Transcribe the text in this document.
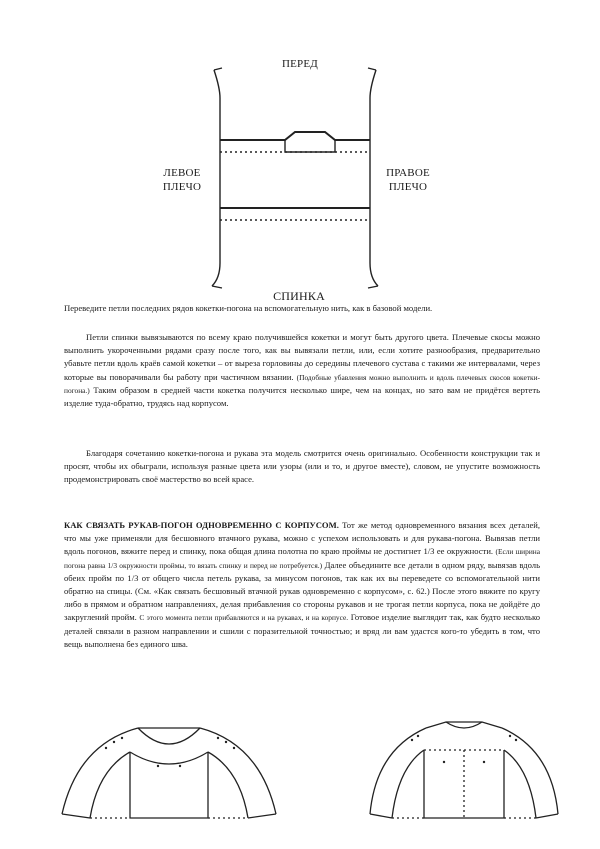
ПЕРЕД
ЛЕВОЕ
ПЛЕЧО
ПРАВОЕ
ПЛЕЧО
СПИНКА

Переведите петли последних рядов кокетки-погона на вспомогательную нить, как в базовой модели.

Петли спинки вывязываются по всему краю получившейся кокетки и могут быть другого цвета. Плечевые скосы можно выполнить укороченными рядами сразу после того, как вы вывязали петли, или, если хотите разнообразия, предварительно убавьте петли вдоль краёв самой кокетки – от выреза горловины до середины плечевого сустава с такими же интервалами, через которые вы поворачивали бы работу при частичном вязании. (Подобные убавления можно выполнить и вдоль плечевых скосов кокетки-погона.) Таким образом в средней части кокетка получится несколько шире, чем на концах, но зато вам не придётся вертеть изделие туда-обратно, трудясь над корпусом.

Благодаря сочетанию кокетки-погона и рукава эта модель смотрится очень оригинально. Особенности конструкции так и просят, чтобы их обыграли, используя разные цвета или узоры (или и то, и другое вместе), словом, не упустите возможность продемонстрировать своё мастерство во всей красе.

КАК СВЯЗАТЬ РУКАВ-ПОГОН ОДНОВРЕМЕННО С КОРПУСОМ. Тот же метод одновременного вязания всех деталей, что мы уже применяли для бесшовного втачного рукава, можно с успехом использовать и для рукава-погона. Вывязав петли вдоль погонов, вяжите перед и спинку, пока общая длина полотна по краю проймы не достигнет 1/3 ее окружности. (Если ширина погона равна 1/3 окружности проймы, то вязать спинку и перед не потребуется.) Далее объедините все детали в одном ряду, вывязав вдоль обеих пройм по 1/3 от общего числа петель рукава, за минусом погонов, так как их вы переведете со вспомогательной нити обратно на спицы. (См. «Как связать бесшовный втачной рукав одновременно с корпусом», с. 62.) После этого вяжите по кругу либо в прямом и обратном направлениях, делая прибавления со стороны рукавов и не трогая петли корпуса, пока не дойдёте до закруглений пройм. С этого момента петли прибавляются и на рукавах, и на корпусе. Готовое изделие выглядит так, как будто несколько деталей связали в разном направлении и сшили с поразительной точностью; и вряд ли вам удастся кого-то убедить в том, что вещь выполнена без единого шва.
